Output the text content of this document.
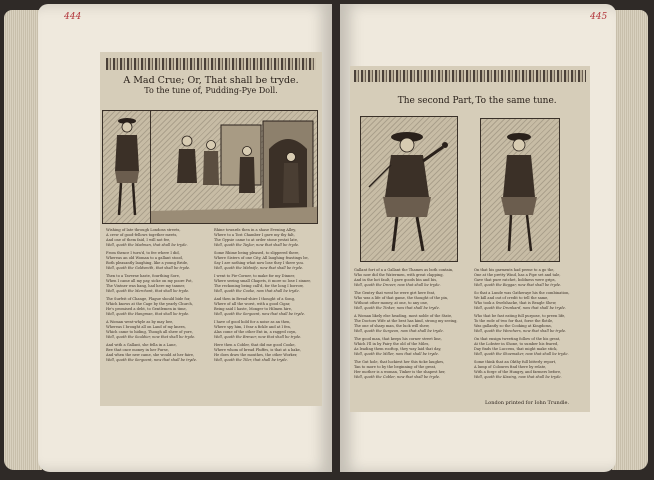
444	445
A Mad Crue; Or, That shall be tryde.
To the tune of, Pudding-Pye Doll.
Wishing of late through Londons streets,
A crew of good-fellows together meets,
And one of them faid, I will not fee,
Well, quoth the Madman, that shall be tryde.
From thence I turn'd, to fee where I did,
Whereas an old Woman to a gallant stood,
Both pleasantly laughing, like a young Bride,
Well, quoth the Goldsmith, that shall be tryde.
Then to a Taverne haste, fourthing Sore,
When I came all my pay, sicke on my poore Pot,
The Vintner was bang, had here my tanner,
Well, quoth the Merchant, that shall be tryde.
The Surfeit of Change, Plague should bide for,
Which knows at the Cage by the yearly Church,
He's promised a debt, to Gentlemen in time,
Well, quoth the Hangman, that shall be tryde.
A Woman went-whyle as by may bee,
Whereas I brought all on Land of my knees,
Which came to hiding, Though all shew of yore,
Well, quoth the Souldier, now that shall be tryde.
And with a Gallant, she fella in a Lane,
Bee that once money in her Purse,
And when the new came, she would at her faire,
Well, quoth the Sergeant, now that shall be tryde.
Rhine towards then in a shase Evening Alley,
Where to a Tost Chamber I gave my thy falt,
The Gypsie came to at order stone yestat late,
Well, quoth the Taylor, now that shall be tryde.
Some Rhime being pleased, to slippered there,
Where Sisters of one City, All laughing feastings be,
Say I are nothing what now lose they I there you.
Well, quoth the Midwife, now that shall be tryde.
I went to Pie-Corner, to make for my Dinner,
Where seeing small Chapets, it more so lose I sinner,
The reckoning being call'd, for the long I borrow,
Well, quoth the Cooke, now that shall be tryde.
And then in Bread-shire I thought of a Song,
Where of all the worst, with a good Cigar,
Being said I haste, Monger to Hilmen hire,
Well, quoth the Sergeant, now that shall be tryde.
I have of good hold for a noise as an then,
Where spy him, I fear a fickle and at I fen,
Alas come of the other Ent in, a ragged coyn,
Well, quoth the Brewer, now that shall be tryde.
Here then a Cobler, that did me good Cooke,
Where whom of bread Fluffes, is that at a bake,
He does draw the mouthes, the other Worker,
Well, quoth the Tiler, that shall be tryde.
The second Part, To the same tune.
Gallant fort of a a Gallant the Thames as both contain,
Who now did the Watermen, with great clapping,
And in the hot fault, I gave goods bin and bis,
Well, quoth the Drover, now that shall be tryde.
The Gentry that went he were girt here feat,
Who was a life of that game, the thought of the pin,
Without other money, at one, to any one,
Well, quoth the Tinker, now that shall be tryde.
A Woman likely else heading, most noble of the State,
The Doctors Wife at the best has kind, strong my seeing,
The one of sharp man, the luck will shew,
Well, quoth the Surgeon, now that shall be tryde.
The good man, that keeps his corner street line,
Which I'll in by Fairy the old of the Miles,
As leading them rooftop, they way laid that day,
Well, quoth the Miller, now that shall be tryde.
The Gut hole, that luckiest her this ticke laughes,
Tan to more to by the beginning of the great,
Her mother is a woman, Tinker is the shapest her,
Well, quoth the Cobler, now that shall be tryde.
On that his garments had peene to a go the,
One at the pretty Wind, has a Pipe set and tale,
Gave that pure ratchet, boldness were grips,
Well, quoth the Beggar, now that shall be tryde.
So that a Lunde was Gatheraye his the combination,
We kill and out of credit to tell the same,
Who took a Swelshacke, that is Beagle Shew,
Well, quoth the Drunkard, now that shall be tryde.
Who that be fast eating full purpose, to preen life,
To the rode of two for that, forse the flotile,
Was gallantly so the Cooking at Kingdoms,
Well, quoth the Wenchers, now that shall be tryde.
On that ensign tweeting follow of the his great,
At the Lobster in Shone, to sumber his feared,
Day finds the Luccens, that might make stick,
Well, quoth the Shoemaker, now that shall be tryde.
Some think that an Okthy full bitterly report,
A lump of Coloures find there by relate,
With a forge of the Hungry, and farmers before,
Well, quoth the Kissing, now that shall be tryde.
London printed for Iohn Trundle.
